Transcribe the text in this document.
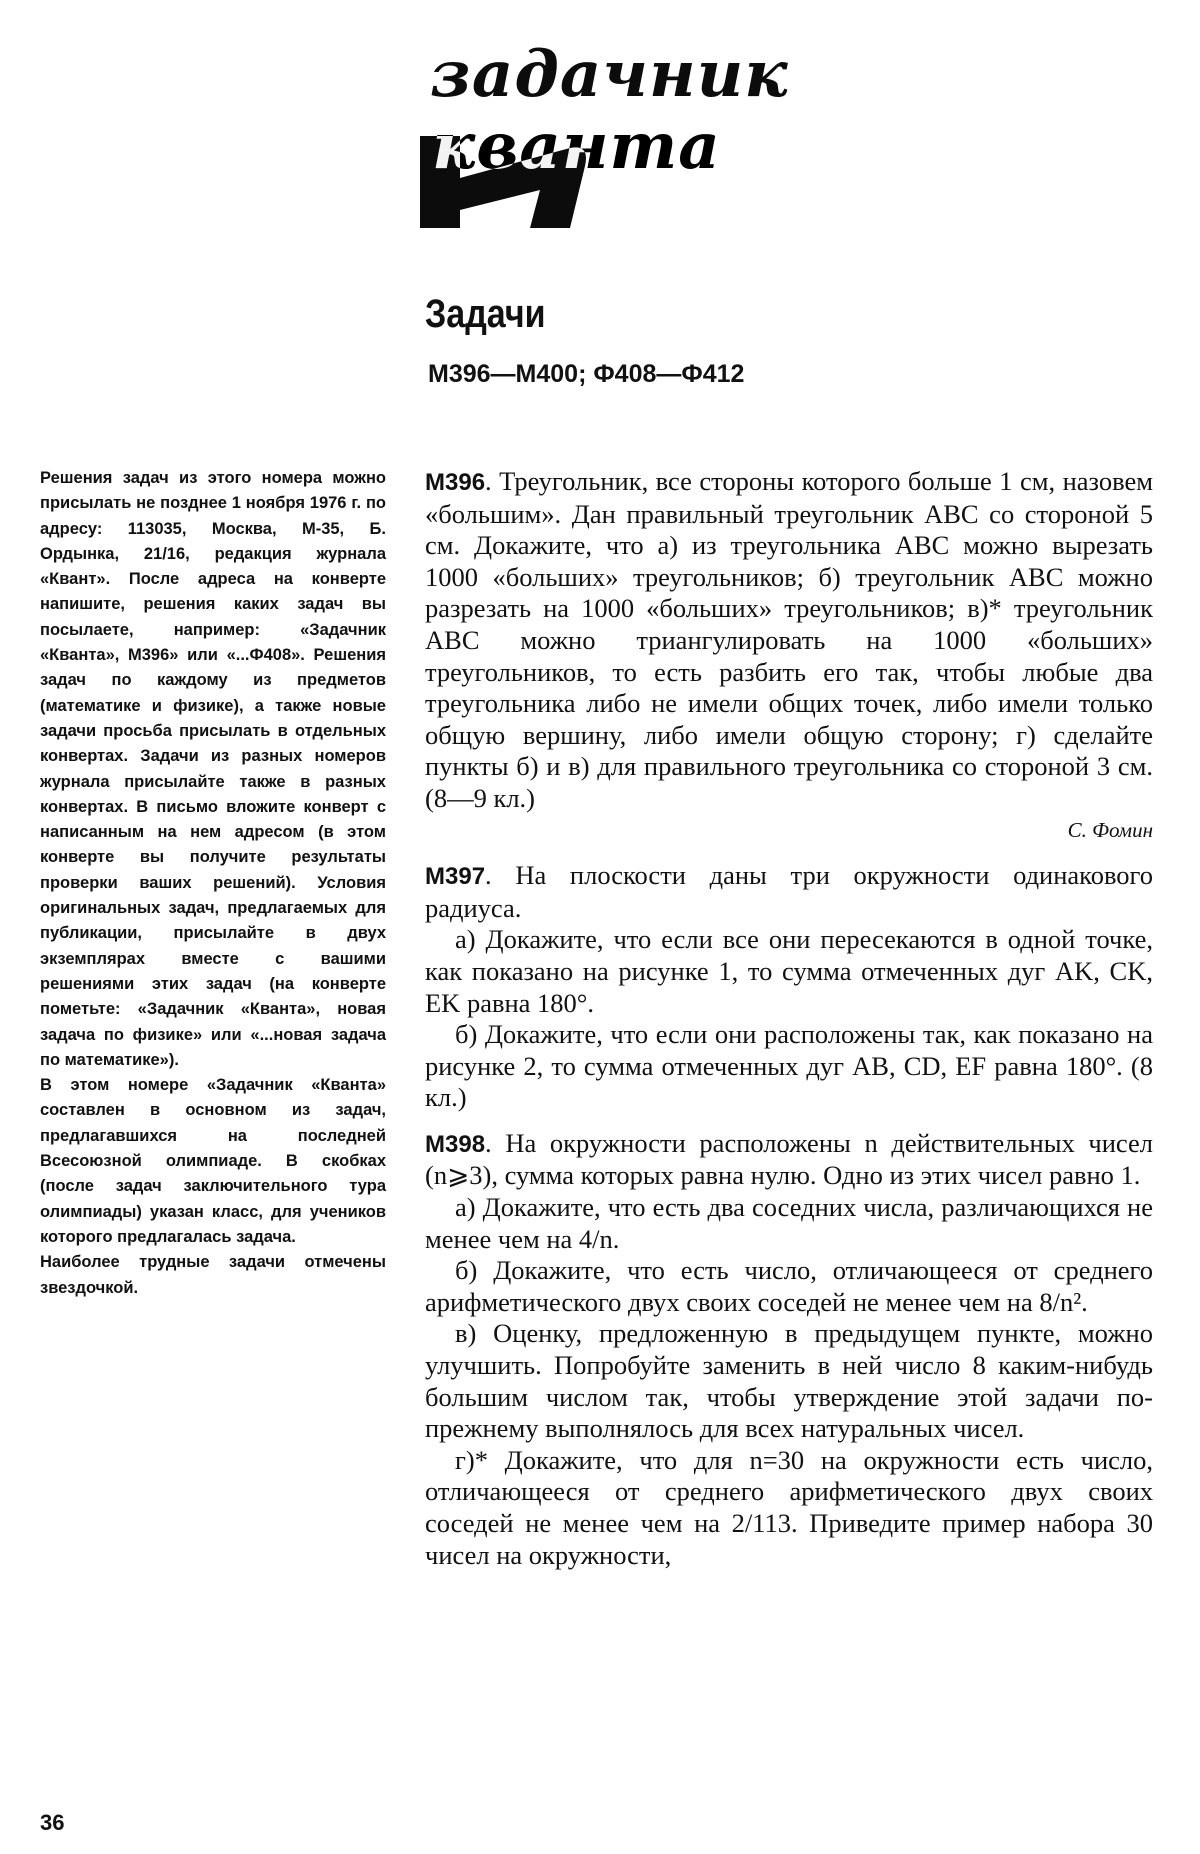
задачник
кванта
Задачи
М396—М400; Ф408—Ф412

Решения задач из этого номера можно присылать не позднее 1 ноября 1976 г. по адресу: 113035, Москва, М-35, Б. Ордынка, 21/16, редакция журнала «Квант». После адреса на конверте напишите, решения каких задач вы посылаете, например: «Задачник «Кванта», М396» или «...Ф408». Решения задач по каждому из предметов (математике и физике), а также новые задачи просьба присылать в отдельных конвертах. Задачи из разных номеров журнала присылайте также в разных конвертах. В письмо вложите конверт с написанным на нем адресом (в этом конверте вы получите результаты проверки ваших решений). Условия оригинальных задач, предлагаемых для публикации, присылайте в двух экземплярах вместе с вашими решениями этих задач (на конверте пометьте: «Задачник «Кванта», новая задача по физике» или «...новая задача по математике»).

В этом номере «Задачник «Кванта» составлен в основном из задач, предлагавшихся на последней Всесоюзной олимпиаде. В скобках (после задач заключительного тура олимпиады) указан класс, для учеников которого предлагалась задача.

Наиболее трудные задачи отмечены звездочкой.

М396. Треугольник, все стороны которого больше 1 см, назовем «большим». Дан правильный треугольник ABC со стороной 5 см. Докажите, что а) из треугольника ABC можно вырезать 1000 «больших» треугольников; б) треугольник ABC можно разрезать на 1000 «больших» треугольников; в)* треугольник ABC можно триангулировать на 1000 «больших» треугольников, то есть разбить его так, чтобы любые два треугольника либо не имели общих точек, либо имели только общую вершину, либо имели общую сторону; г) сделайте пункты б) и в) для правильного треугольника со стороной 3 см. (8—9 кл.)

С. Фомин

М397. На плоскости даны три окружности одинакового радиуса.

а) Докажите, что если все они пересекаются в одной точке, как показано на рисунке 1, то сумма отмеченных дуг AK, CK, EK равна 180°.

б) Докажите, что если они расположены так, как показано на рисунке 2, то сумма отмеченных дуг AB, CD, EF равна 180°. (8 кл.)

М398. На окружности расположены n действительных чисел (n⩾3), сумма которых равна нулю. Одно из этих чисел равно 1.

а) Докажите, что есть два соседних числа, различающихся не менее чем на 4/n.

б) Докажите, что есть число, отличающееся от среднего арифметического двух своих соседей не менее чем на 8/n².

в) Оценку, предложенную в предыдущем пункте, можно улучшить. Попробуйте заменить в ней число 8 каким-нибудь большим числом так, чтобы утверждение этой задачи по-прежнему выполнялось для всех натуральных чисел.

г)* Докажите, что для n=30 на окружности есть число, отличающееся от среднего арифметического двух своих соседей не менее чем на 2/113. Приведите пример набора 30 чисел на окружности,

36
